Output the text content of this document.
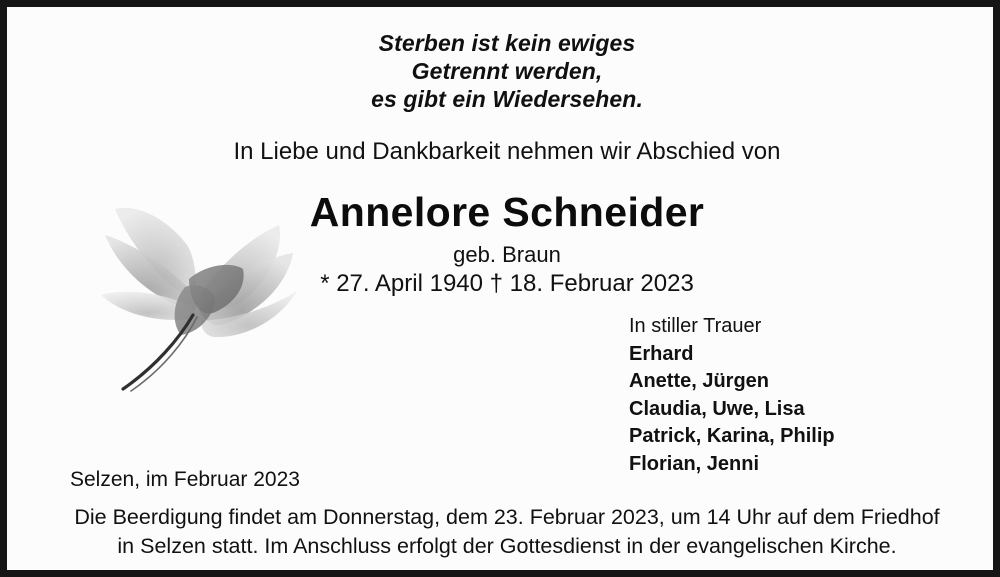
Sterben ist kein ewiges
Getrennt werden,
es gibt ein Wiedersehen.
In Liebe und Dankbarkeit nehmen wir Abschied von
Annelore Schneider
geb. Braun
* 27. April 1940 † 18. Februar 2023
In stiller Trauer
Erhard
Anette, Jürgen
Claudia, Uwe, Lisa
Patrick, Karina, Philip
Florian, Jenni
Selzen, im Februar 2023
Die Beerdigung findet am Donnerstag, dem 23. Februar 2023, um 14 Uhr auf dem Friedhof
in Selzen statt. Im Anschluss erfolgt der Gottesdienst in der evangelischen Kirche.
